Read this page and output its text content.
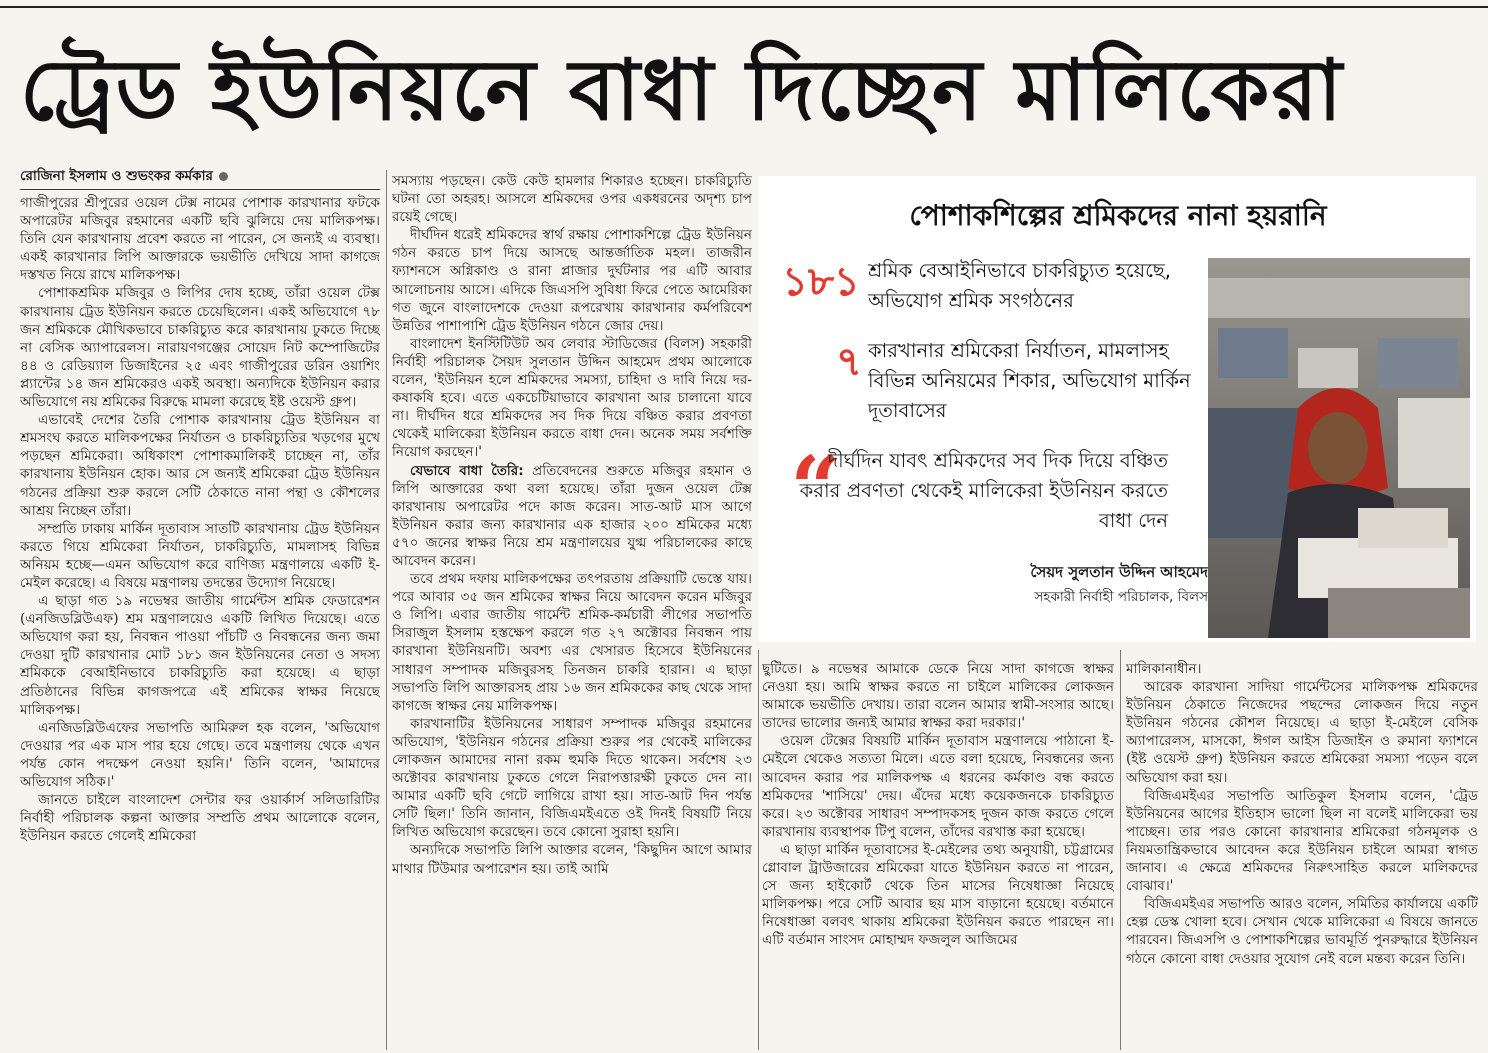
ট্রেড ইউনিয়নে বাধা দিচ্ছেন মালিকেরা
রোজিনা ইসলাম ও শুভংকর কর্মকার

গাজীপুরের শ্রীপুরের ওয়েল টেক্স নামের পোশাক কারখানার ফটকে অপারেটর মজিবুর রহমানের একটি ছবি ঝুলিয়ে দেয় মালিকপক্ষ। তিনি যেন কারখানায় প্রবেশ করতে না পারেন, সে জন্যই এ ব্যবস্থা। একই কারখানার লিপি আক্তারকে ভয়ভীতি দেখিয়ে সাদা কাগজে দস্তখত নিয়ে রাখে মালিকপক্ষ।

পোশাকশ্রমিক মজিবুর ও লিপির দোষ হচ্ছে, তাঁরা ওয়েল টেক্স কারখানায় ট্রেড ইউনিয়ন করতে চেয়েছিলেন। একই অভিযোগে ৭৮ জন শ্রমিককে মৌখিকভাবে চাকরিচ্যুত করে কারখানায় ঢুকতে দিচ্ছে না বেসিক অ্যাপারেলস। নারায়ণগঞ্জের সোয়েদ নিট কম্পোজিটের ৪৪ ও রেডিয়্যাল ডিজাইনের ২৫ এবং গাজীপুরের ডরিন ওয়াশিং প্ল্যান্টের ১৪ জন শ্রমিকেরও একই অবস্থা। অন্যদিকে ইউনিয়ন করার অভিযোগে নয় শ্রমিকের বিরুদ্ধে মামলা করেছে ইষ্ট ওয়েস্ট গ্রুপ।

এভাবেই দেশের তৈরি পোশাক কারখানায় ট্রেড ইউনিয়ন বা শ্রমসংঘ করতে মালিকপক্ষের নির্যাতন ও চাকরিচ্যুতির খড়গের মুখে পড়ছেন শ্রমিকেরা। অধিকাংশ পোশাকমালিকই চাচ্ছেন না, তাঁর কারখানায় ইউনিয়ন হোক। আর সে জন্যই শ্রমিকেরা ট্রেড ইউনিয়ন গঠনের প্রক্রিয়া শুরু করলে সেটি ঠেকাতে নানা পন্থা ও কৌশলের আশ্রয় নিচ্ছেন তাঁরা।

সম্প্রতি ঢাকায় মার্কিন দূতাবাস সাতটি কারখানায় ট্রেড ইউনিয়ন করতে গিয়ে শ্রমিকেরা নির্যাতন, চাকরিচ্যুতি, মামলাসহ বিভিন্ন অনিয়ম হচ্ছে—এমন অভিযোগ করে বাণিজ্য মন্ত্রণালয়ে একটি ই-মেইল করেছে। এ বিষয়ে মন্ত্রণালয় তদন্তের উদ্যোগ নিয়েছে।

এ ছাড়া গত ১৯ নভেম্বর জাতীয় গার্মেন্টস শ্রমিক ফেডারেশন (এনজিডব্লিউএফ) শ্রম মন্ত্রণালয়েও একটি লিখিত দিয়েছে। এতে অভিযোগ করা হয়, নিবন্ধন পাওয়া পাঁচটি ও নিবন্ধনের জন্য জমা দেওয়া দুটি কারখানার মোট ১৮১ জন ইউনিয়নের নেতা ও সদস্য শ্রমিককে বেআইনিভাবে চাকরিচ্যুতি করা হয়েছে। এ ছাড়া প্রতিষ্ঠানের বিভিন্ন কাগজপত্রে এই শ্রমিকের স্বাক্ষর নিয়েছে মালিকপক্ষ।

এনজিডব্লিউএফের সভাপতি আমিরুল হক বলেন, 'অভিযোগ দেওয়ার পর এক মাস পার হয়ে গেছে। তবে মন্ত্রণালয় থেকে এখন পর্যন্ত কোন পদক্ষেপ নেওয়া হয়নি।' তিনি বলেন, 'আমাদের অভিযোগ সঠিক।'

জানতে চাইলে বাংলাদেশ সেন্টার ফর ওয়ার্কার্স সলিডারিটির নির্বাহী পরিচালক কল্পনা আক্তার সম্প্রতি প্রথম আলোকে বলেন, ইউনিয়ন করতে গেলেই শ্রমিকেরা

সমস্যায় পড়ছেন। কেউ কেউ হামলার শিকারও হচ্ছেন। চাকরিচ্যুতি ঘটনা তো অহরহ। আসলে শ্রমিকদের ওপর একধরনের অদৃশ্য চাপ রয়েই গেছে।

দীর্ঘদিন ধরেই শ্রমিকদের স্বার্থ রক্ষায় পোশাকশিল্পে ট্রেড ইউনিয়ন গঠন করতে চাপ দিয়ে আসছে আন্তর্জাতিক মহল। তাজরীন ফ্যাশনসে অগ্নিকাণ্ড ও রানা প্লাজার দুর্ঘটনার পর এটি আবার আলোচনায় আসে। এদিকে জিএসপি সুবিধা ফিরে পেতে আমেরিকা গত জুনে বাংলাদেশকে দেওয়া রূপরেখায় কারখানার কর্মপরিবেশ উন্নতির পাশাপাশি ট্রেড ইউনিয়ন গঠনে জোর দেয়।

বাংলাদেশ ইনস্টিটিউট অব লেবার স্টাডিজের (বিলস) সহকারী নির্বাহী পরিচালক সৈয়দ সুলতান উদ্দিন আহমেদ প্রথম আলোকে বলেন, 'ইউনিয়ন হলে শ্রমিকদের সমস্যা, চাহিদা ও দাবি নিয়ে দর-কষাকষি হবে। এতে একচেটিয়াভাবে কারখানা আর চালানো যাবে না। দীর্ঘদিন ধরে শ্রমিকদের সব দিক দিয়ে বঞ্চিত করার প্রবণতা থেকেই মালিকেরা ইউনিয়ন করতে বাধা দেন। অনেক সময় সর্বশক্তি নিয়োগ করছেন।'

যেভাবে বাধা তৈরি: প্রতিবেদনের শুরুতে মজিবুর রহমান ও লিপি আক্তারের কথা বলা হয়েছে। তাঁরা দুজন ওয়েল টেক্স কারখানায় অপারেটর পদে কাজ করেন। সাত-আট মাস আগে ইউনিয়ন করার জন্য কারখানার এক হাজার ২০০ শ্রমিকের মধ্যে ৫৭০ জনের স্বাক্ষর নিয়ে শ্রম মন্ত্রণালয়ের যুগ্ম পরিচালকের কাছে আবেদন করেন।

তবে প্রথম দফায় মালিকপক্ষের তৎপরতায় প্রক্রিয়াটি ভেস্তে যায়। পরে আবার ৩৫ জন শ্রমিকের স্বাক্ষর নিয়ে আবেদন করেন মজিবুর ও লিপি। এবার জাতীয় গার্মেন্ট শ্রমিক-কর্মচারী লীগের সভাপতি সিরাজুল ইসলাম হস্তক্ষেপ করলে গত ২৭ অক্টোবর নিবন্ধন পায় কারখানা ইউনিয়নটি। অবশ্য এর খেসারত হিসেবে ইউনিয়নের সাধারণ সম্পাদক মজিবুরসহ তিনজন চাকরি হারান। এ ছাড়া সভাপতি লিপি আক্তারসহ প্রায় ১৬ জন শ্রমিককের কাছ থেকে সাদা কাগজে স্বাক্ষর নেয় মালিকপক্ষ।

কারখানাটির ইউনিয়নের সাধারণ সম্পাদক মজিবুর রহমানের অভিযোগ, 'ইউনিয়ন গঠনের প্রক্রিয়া শুরুর পর থেকেই মালিকের লোকজন আমাদের নানা রকম হুমকি দিতে থাকেন। সর্বশেষ ২৩ অক্টোবর কারখানায় ঢুকতে গেলে নিরাপত্তারক্ষী ঢুকতে দেন না। আমার একটি ছবি গেটে লাগিয়ে রাখা হয়। সাত-আট দিন পর্যন্ত সেটি ছিল।' তিনি জানান, বিজিএমইএতে ওই দিনই বিষয়টি নিয়ে লিখিত অভিযোগ করেছেন। তবে কোনো সুরাহা হয়নি।

অন্যদিকে সভাপতি লিপি আক্তার বলেন, 'কিছুদিন আগে আমার মাথার টিউমার অপারেশন হয়। তাই আমি

ছুটিতে। ৯ নভেম্বর আমাকে ডেকে নিয়ে সাদা কাগজে স্বাক্ষর নেওয়া হয়। আমি স্বাক্ষর করতে না চাইলে মালিকের লোকজন আমাকে ভয়ভীতি দেখায়। তারা বলেন আমার স্বামী-সংসার আছে। তাদের ভালোর জন্যই আমার স্বাক্ষর করা দরকার।'

ওয়েল টেক্সের বিষয়টি মার্কিন দূতাবাস মন্ত্রণালয়ে পাঠানো ই-মেইলে থেকেও সত্যতা মিলে। এতে বলা হয়েছে, নিবন্ধনের জন্য আবেদন করার পর মালিকপক্ষ এ ধরনের কর্মকাণ্ড বন্ধ করতে শ্রমিকদের 'শাসিয়ে' দেয়। এঁদের মধ্যে কয়েকজনকে চাকরিচ্যুত করে। ২৩ অক্টোবর সাধারণ সম্পাদকসহ দুজন কাজ করতে গেলে কারখানায় ব্যবস্থাপক টিপু বলেন, তাঁদের বরখাস্ত করা হয়েছে।

এ ছাড়া মার্কিন দূতাবাসের ই-মেইলের তথ্য অনুযায়ী, চট্টগ্রামের গ্লোবাল ট্রাউজারের শ্রমিকেরা যাতে ইউনিয়ন করতে না পারেন, সে জন্য হাইকোর্ট থেকে তিন মাসের নিষেধাজ্ঞা নিয়েছে মালিকপক্ষ। পরে সেটি আবার ছয় মাস বাড়ানো হয়েছে। বর্তমানে নিষেধাজ্ঞা বলবৎ থাকায় শ্রমিকেরা ইউনিয়ন করতে পারছেন না। এটি বর্তমান সাংসদ মোহাম্মদ ফজলুল আজিমের

মালিকানাধীন।

আরেক কারখানা সাদিয়া গার্মেন্টসের মালিকপক্ষ শ্রমিকদের ইউনিয়ন ঠেকাতে নিজেদের পছন্দের লোকজন দিয়ে নতুন ইউনিয়ন গঠনের কৌশল নিয়েছে। এ ছাড়া ই-মেইলে বেসিক অ্যাপারেলস, মাসকো, ঈগল আইস ডিজাইন ও রুমানা ফ্যাশনে (ইষ্ট ওয়েস্ট গ্রুপ) ইউনিয়ন করতে শ্রমিকেরা সমস্যা পড়েন বলে অভিযোগ করা হয়।

বিজিএমইএর সভাপতি আতিকুল ইসলাম বলেন, 'ট্রেড ইউনিয়নের আগের ইতিহাস ভালো ছিল না বলেই মালিকেরা ভয় পাচ্ছেন। তার পরও কোনো কারখানার শ্রমিকেরা গঠনমূলক ও নিয়মতান্ত্রিকভাবে আবেদন করে ইউনিয়ন চাইলে আমরা স্বাগত জানাব। এ ক্ষেত্রে শ্রমিকদের নিরুৎসাহিত করলে মালিকদের বোঝাব।'

বিজিএমইএর সভাপতি আরও বলেন, সমিতির কার্যালয়ে একটি হেল্প ডেস্ক খোলা হবে। সেখান থেকে মালিকেরা এ বিষয়ে জানতে পারবেন। জিএসপি ও পোশাকশিল্পের ভাবমূর্তি পুনরুদ্ধারে ইউনিয়ন গঠনে কোনো বাধা দেওয়ার সুযোগ নেই বলে মন্তব্য করেন তিনি।

পোশাকশিল্পের শ্রমিকদের নানা হয়রানি
১৮১ শ্রমিক বেআইনিভাবে চাকরিচ্যুত হয়েছে, অভিযোগ শ্রমিক সংগঠনের
৭ কারখানার শ্রমিকেরা নির্যাতন, মামলাসহ বিভিন্ন অনিয়মের শিকার, অভিযোগ মার্কিন দূতাবাসের
“
দীর্ঘদিন যাবৎ শ্রমিকদের সব দিক দিয়ে বঞ্চিত করার প্রবণতা থেকেই মালিকেরা ইউনিয়ন করতে বাধা দেন
সৈয়দ সুলতান উদ্দিন আহমেদ
সহকারী নির্বাহী পরিচালক, বিলস
